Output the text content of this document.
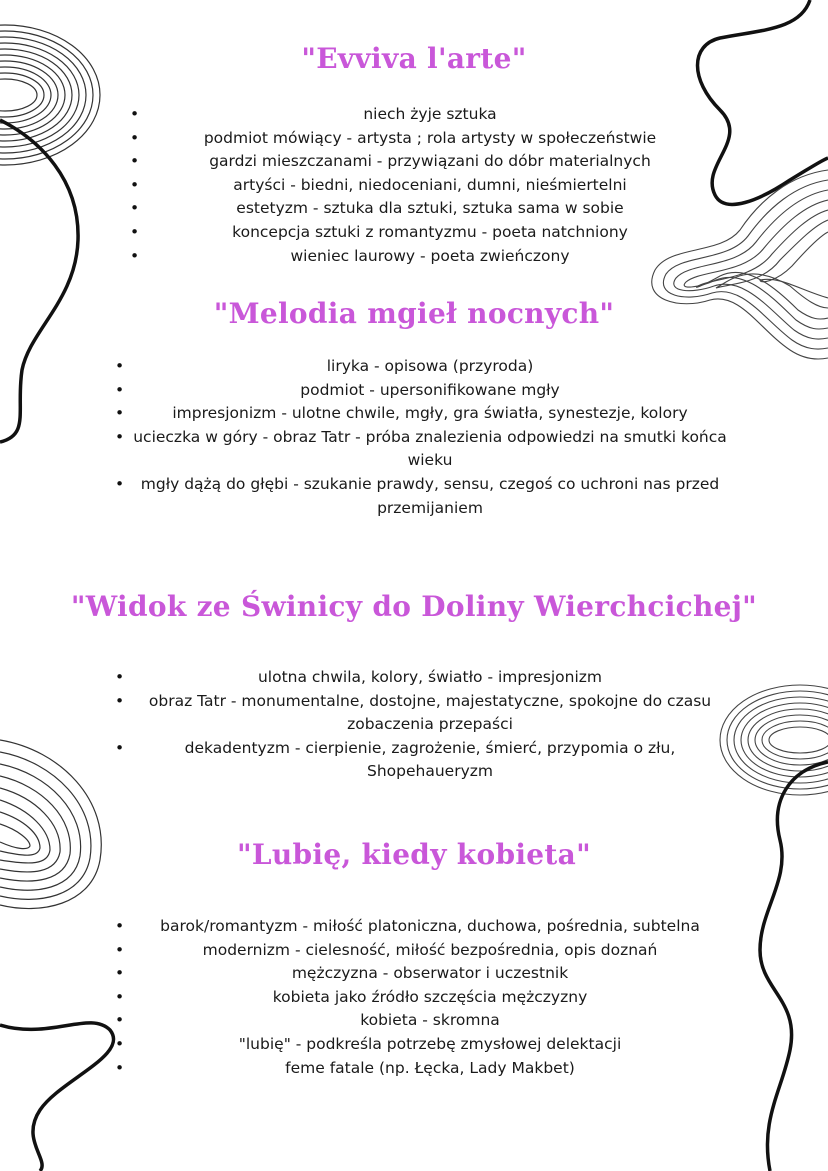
"Evviva l'arte"
• niech żyje sztuka
• podmiot mówiący - artysta ; rola artysty w społeczeństwie
• gardzi mieszczanami - przywiązani do dóbr materialnych
• artyści - biedni, niedoceniani, dumni, nieśmiertelni
• estetyzm - sztuka dla sztuki, sztuka sama w sobie
• koncepcja sztuki z romantyzmu - poeta natchniony
• wieniec laurowy - poeta zwieńczony
"Melodia mgieł nocnych"
• liryka - opisowa (przyroda)
• podmiot - upersonifikowane mgły
• impresjonizm - ulotne chwile, mgły, gra światła, synestezje, kolory
• ucieczka w góry - obraz Tatr - próba znalezienia odpowiedzi na smutki końca wieku
• mgły dążą do głębi - szukanie prawdy, sensu, czegoś co uchroni nas przed przemijaniem
"Widok ze Świnicy do Doliny Wierchcichej"
• ulotna chwila, kolory, światło - impresjonizm
• obraz Tatr - monumentalne, dostojne, majestatyczne, spokojne do czasu zobaczenia przepaści
• dekadentyzm - cierpienie, zagrożenie, śmierć, przypomia o złu, Shopehaueryzm
"Lubię, kiedy kobieta"
• barok/romantyzm - miłość platoniczna, duchowa, pośrednia, subtelna
• modernizm - cielesność, miłość bezpośrednia, opis doznań
• mężczyzna - obserwator i uczestnik
• kobieta jako źródło szczęścia mężczyzny
• kobieta - skromna
• "lubię" - podkreśla potrzebę zmysłowej delektacji
• feme fatale (np. Łęcka, Lady Makbet)
